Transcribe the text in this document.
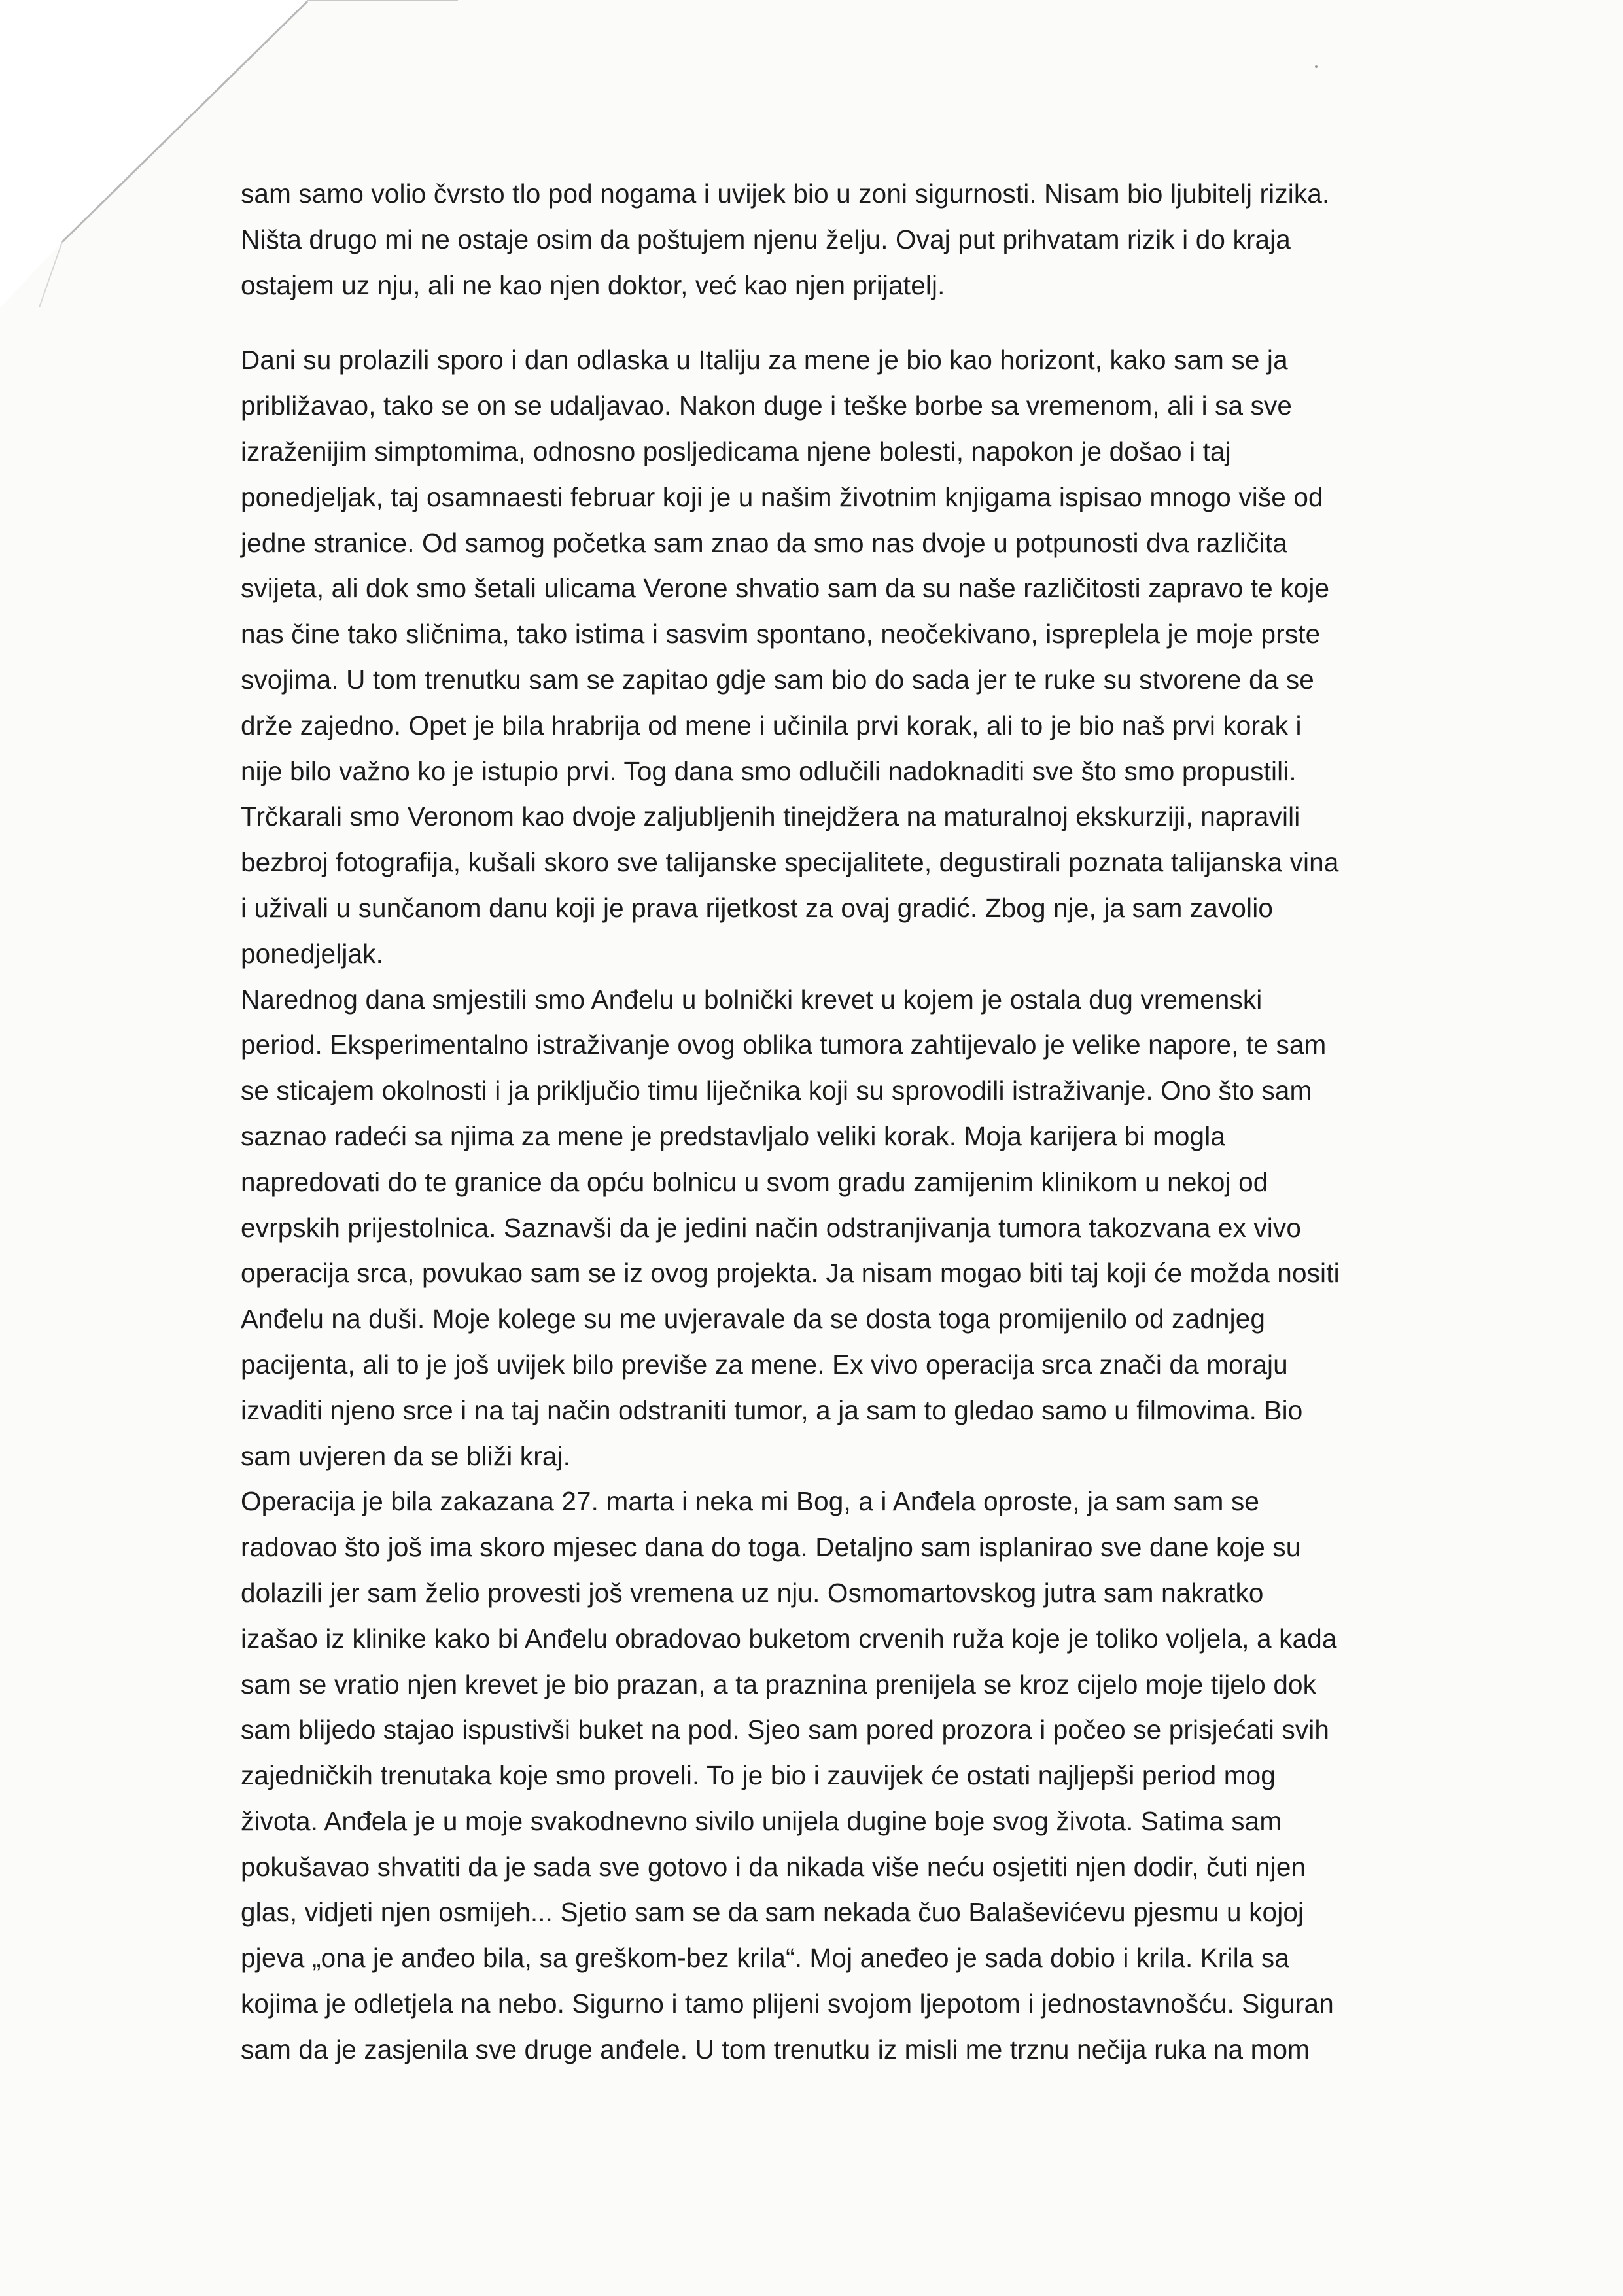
sam samo volio čvrsto tlo pod nogama i uvijek bio u zoni sigurnosti. Nisam bio ljubitelj rizika.
Ništa drugo mi ne ostaje osim da poštujem njenu želju. Ovaj put prihvatam rizik i do kraja
ostajem uz nju, ali ne kao njen doktor, već kao njen prijatelj.
Dani su prolazili sporo i dan odlaska u Italiju za mene je bio kao horizont, kako sam se ja
približavao, tako se on se udaljavao. Nakon duge i teške borbe sa vremenom, ali i sa sve
izraženijim simptomima, odnosno posljedicama njene bolesti, napokon je došao i taj
ponedjeljak, taj osamnaesti februar koji je u našim životnim knjigama ispisao mnogo više od
jedne stranice. Od samog početka sam znao da smo nas dvoje u potpunosti dva različita
svijeta, ali dok smo šetali ulicama Verone shvatio sam da su naše različitosti zapravo te koje
nas čine tako sličnima, tako istima i sasvim spontano, neočekivano, ispreplela je moje prste
svojima. U tom trenutku sam se zapitao gdje sam bio do sada jer te ruke su stvorene da se
drže zajedno. Opet je bila hrabrija od mene i učinila prvi korak, ali to je bio naš prvi korak i
nije bilo važno ko je istupio prvi. Tog dana smo odlučili nadoknaditi sve što smo propustili.
Trčkarali smo Veronom kao dvoje zaljubljenih tinejdžera na maturalnoj ekskurziji, napravili
bezbroj fotografija, kušali skoro sve talijanske specijalitete, degustirali poznata talijanska vina
i uživali u sunčanom danu koji je prava rijetkost za ovaj gradić. Zbog nje, ja sam zavolio
ponedjeljak.
Narednog dana smjestili smo Anđelu u bolnički krevet u kojem je ostala dug vremenski
period. Eksperimentalno istraživanje ovog oblika tumora zahtijevalo je velike napore, te sam
se sticajem okolnosti i ja priključio timu liječnika koji su sprovodili istraživanje. Ono što sam
saznao radeći sa njima za mene je predstavljalo veliki korak. Moja karijera bi mogla
napredovati do te granice da opću bolnicu u svom gradu zamijenim klinikom u nekoj od
evrpskih prijestolnica. Saznavši da je jedini način odstranjivanja tumora takozvana ex vivo
operacija srca, povukao sam se iz ovog projekta. Ja nisam mogao biti taj koji će možda nositi
Anđelu na duši. Moje kolege su me uvjeravale da se dosta toga promijenilo od zadnjeg
pacijenta, ali to je još uvijek bilo previše za mene. Ex vivo operacija srca znači da moraju
izvaditi njeno srce i na taj način odstraniti tumor, a ja sam to gledao samo u filmovima. Bio
sam uvjeren da se bliži kraj.
Operacija je bila zakazana 27. marta i neka mi Bog, a i Anđela oproste, ja sam sam se
radovao što još ima skoro mjesec dana do toga. Detaljno sam isplanirao sve dane koje su
dolazili jer sam želio provesti još vremena uz nju. Osmomartovskog jutra sam nakratko
izašao iz klinike kako bi Anđelu obradovao buketom crvenih ruža koje je toliko voljela, a kada
sam se vratio njen krevet je bio prazan, a ta praznina prenijela se kroz cijelo moje tijelo dok
sam blijedo stajao ispustivši buket na pod. Sjeo sam pored prozora i počeo se prisjećati svih
zajedničkih trenutaka koje smo proveli. To je bio i zauvijek će ostati najljepši period mog
života. Anđela je u moje svakodnevno sivilo unijela dugine boje svog života. Satima sam
pokušavao shvatiti da je sada sve gotovo i da nikada više neću osjetiti njen dodir, čuti njen
glas, vidjeti njen osmijeh... Sjetio sam se da sam nekada čuo Balaševićevu pjesmu u kojoj
pjeva „ona je anđeo bila, sa greškom-bez krila“. Moj aneđeo je sada dobio i krila. Krila sa
kojima je odletjela na nebo. Sigurno i tamo plijeni svojom ljepotom i jednostavnošću. Siguran
sam da je zasjenila sve druge anđele. U tom trenutku iz misli me trznu nečija ruka na mom
